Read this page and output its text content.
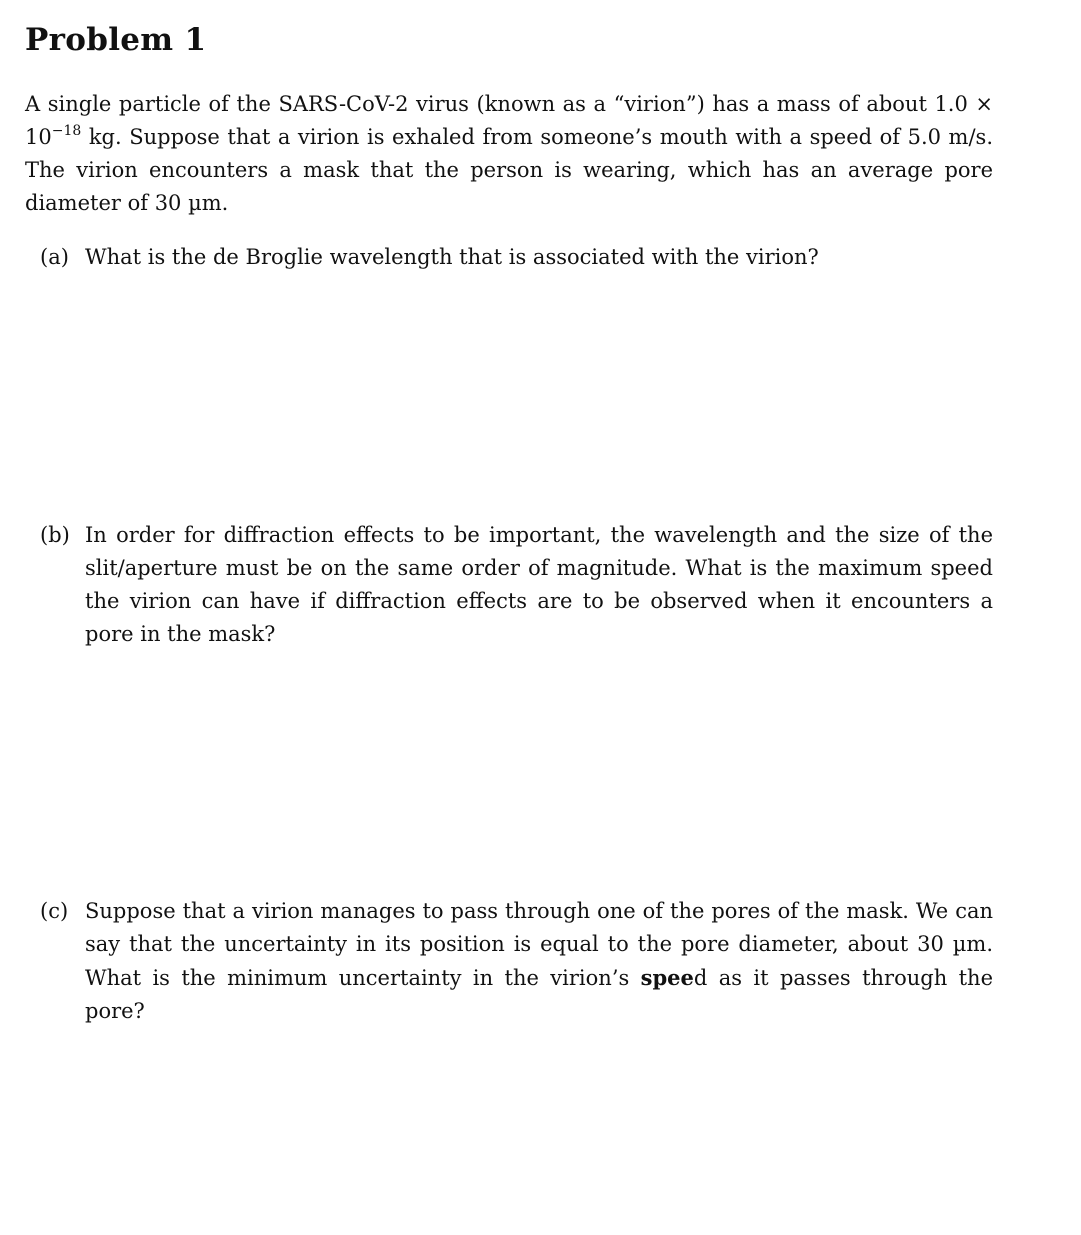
Problem 1

A single particle of the SARS-CoV-2 virus (known as a “virion”) has a mass of about $1.0 \times 10^{-18}$ kg. Suppose that a virion is exhaled from someone’s mouth with a speed of 5.0 m/s. The virion encounters a mask that the person is wearing, which has an average pore diameter of 30 µm.

(a) What is the de Broglie wavelength that is associated with the virion?

(b) In order for diffraction effects to be important, the wavelength and the size of the slit/aperture must be on the same order of magnitude. What is the maximum speed the virion can have if diffraction effects are to be observed when it encounters a pore in the mask?

(c) Suppose that a virion manages to pass through one of the pores of the mask. We can say that the uncertainty in its position is equal to the pore diameter, about 30 µm. What is the minimum uncertainty in the virion’s speed as it passes through the pore?
